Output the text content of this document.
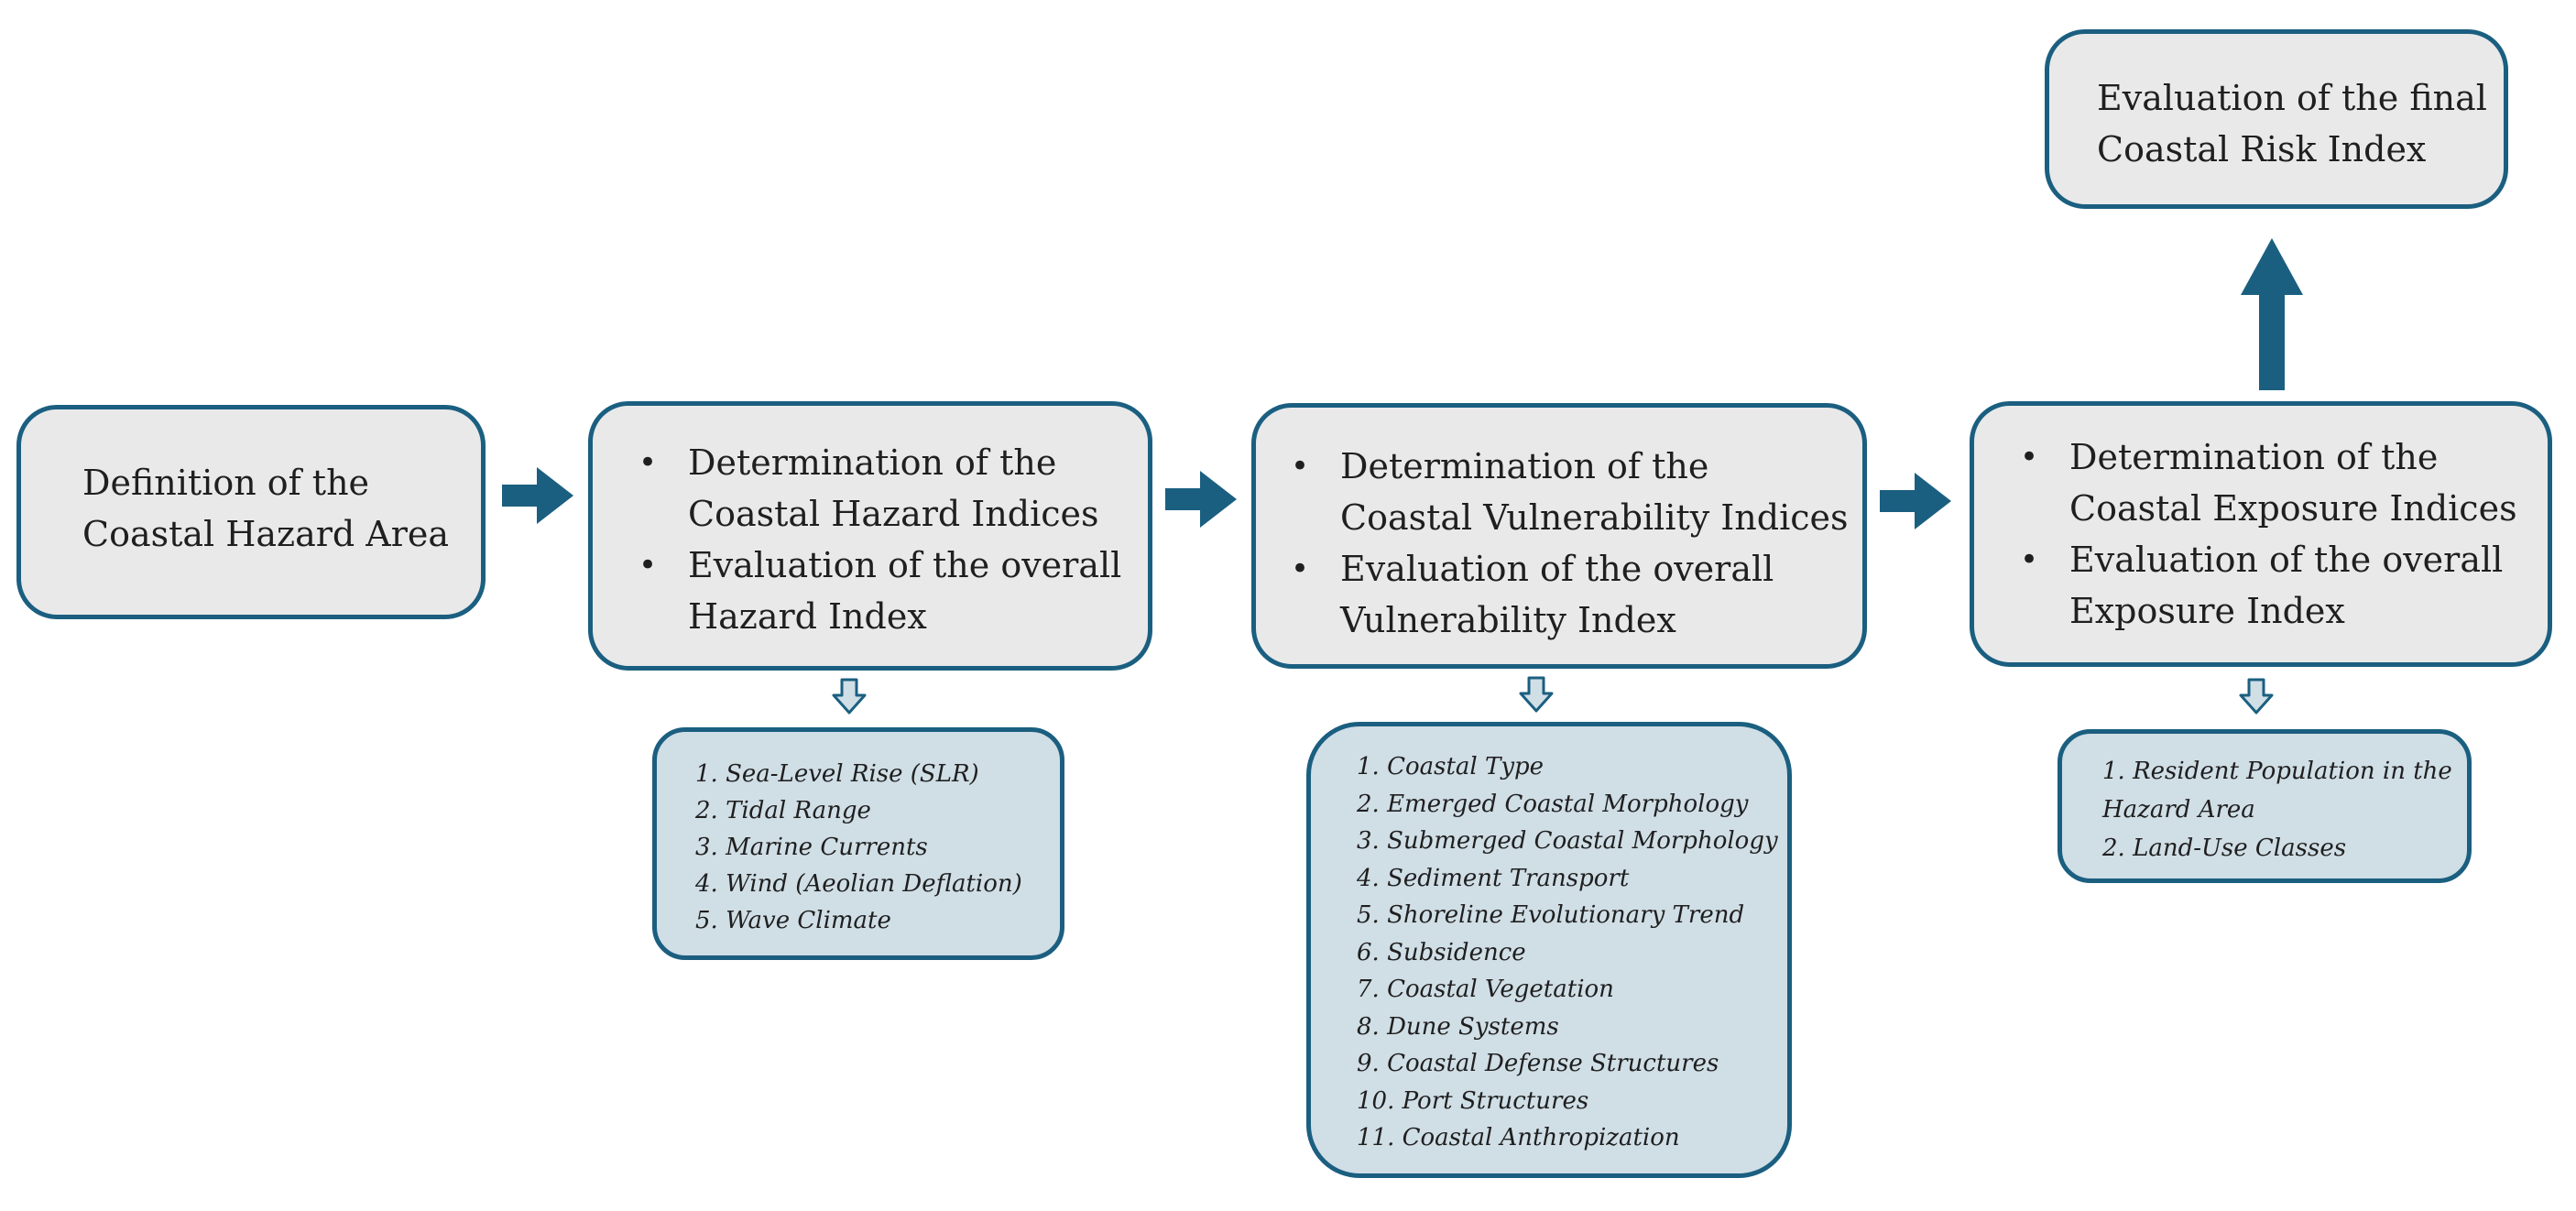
Definition of the
Coastal Hazard Area
• Determination of the
Coastal Hazard Indices
• Evaluation of the overall
Hazard Index
• Determination of the
Coastal Vulnerability Indices
• Evaluation of the overall
Vulnerability Index
• Determination of the
Coastal Exposure Indices
• Evaluation of the overall
Exposure Index
Evaluation of the final
Coastal Risk Index
1. Sea-Level Rise (SLR)
2. Tidal Range
3. Marine Currents
4. Wind (Aeolian Deflation)
5. Wave Climate
1. Coastal Type
2. Emerged Coastal Morphology
3. Submerged Coastal Morphology
4. Sediment Transport
5. Shoreline Evolutionary Trend
6. Subsidence
7. Coastal Vegetation
8. Dune Systems
9. Coastal Defense Structures
10. Port Structures
11. Coastal Anthropization
1. Resident Population in the
Hazard Area
2. Land-Use Classes
